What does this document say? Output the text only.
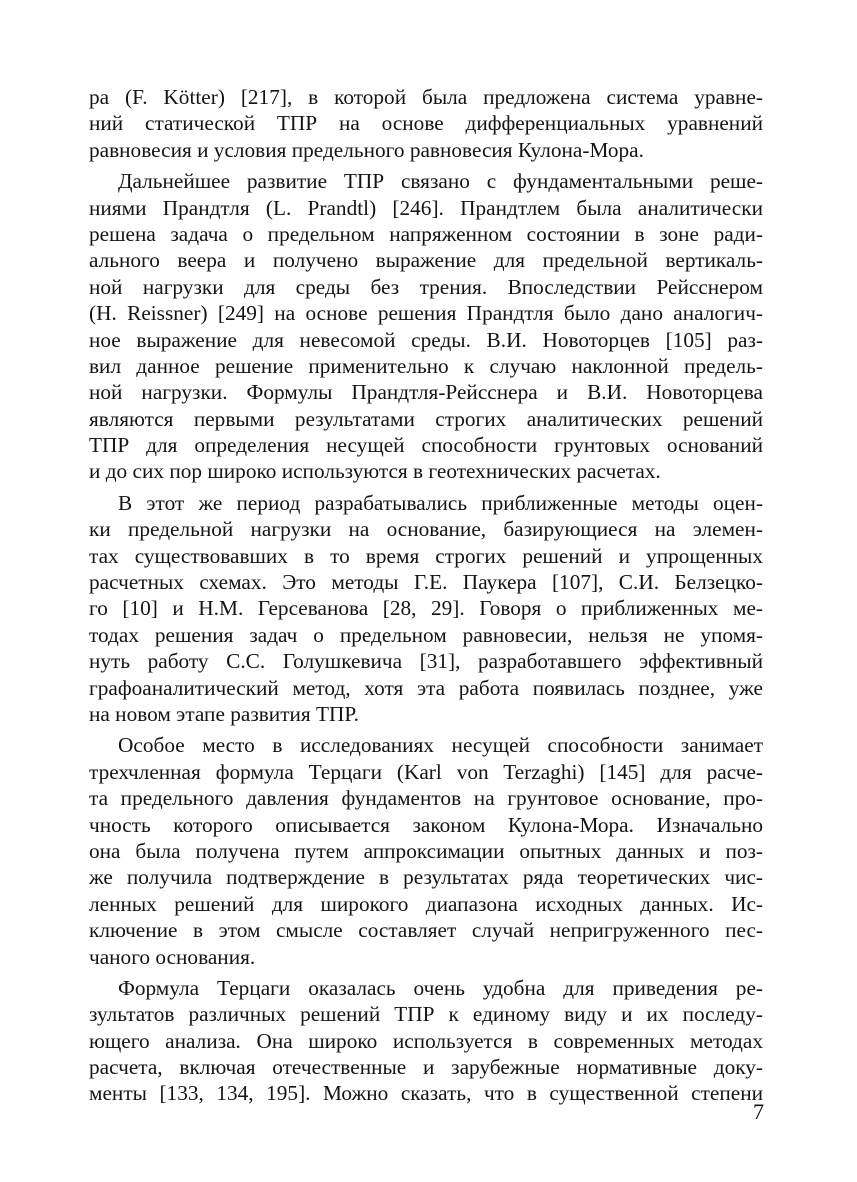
ра (F. Kötter) [217], в которой была предложена система уравне-
ний статической ТПР на основе дифференциальных уравнений
равновесия и условия предельного равновесия Кулона-Мора.
Дальнейшее развитие ТПР связано с фундаментальными реше-
ниями Прандтля (L. Prandtl) [246]. Прандтлем была аналитически
решена задача о предельном напряженном состоянии в зоне ради-
ального веера и получено выражение для предельной вертикаль-
ной нагрузки для среды без трения. Впоследствии Рейсснером
(H. Reissner) [249] на основе решения Прандтля было дано аналогич-
ное выражение для невесомой среды. В.И. Новоторцев [105] раз-
вил данное решение применительно к случаю наклонной предель-
ной нагрузки. Формулы Прандтля-Рейсснера и В.И. Новоторцева
являются первыми результатами строгих аналитических решений
ТПР для определения несущей способности грунтовых оснований
и до сих пор широко используются в геотехнических расчетах.
В этот же период разрабатывались приближенные методы оцен-
ки предельной нагрузки на основание, базирующиеся на элемен-
тах существовавших в то время строгих решений и упрощенных
расчетных схемах. Это методы Г.Е. Паукера [107], С.И. Белзецко-
го [10] и Н.М. Герсеванова [28, 29]. Говоря о приближенных ме-
тодах решения задач о предельном равновесии, нельзя не упомя-
нуть работу С.С. Голушкевича [31], разработавшего эффективный
графоаналитический метод, хотя эта работа появилась позднее, уже
на новом этапе развития ТПР.
Особое место в исследованиях несущей способности занимает
трехчленная формула Терцаги (Karl von Terzaghi) [145] для расче-
та предельного давления фундаментов на грунтовое основание, про-
чность которого описывается законом Кулона-Мора. Изначально
она была получена путем аппроксимации опытных данных и поз-
же получила подтверждение в результатах ряда теоретических чис-
ленных решений для широкого диапазона исходных данных. Ис-
ключение в этом смысле составляет случай непригруженного пес-
чаного основания.
Формула Терцаги оказалась очень удобна для приведения ре-
зультатов различных решений ТПР к единому виду и их последу-
ющего анализа. Она широко используется в современных методах
расчета, включая отечественные и зарубежные нормативные доку-
менты [133, 134, 195]. Можно сказать, что в существенной степени
7
